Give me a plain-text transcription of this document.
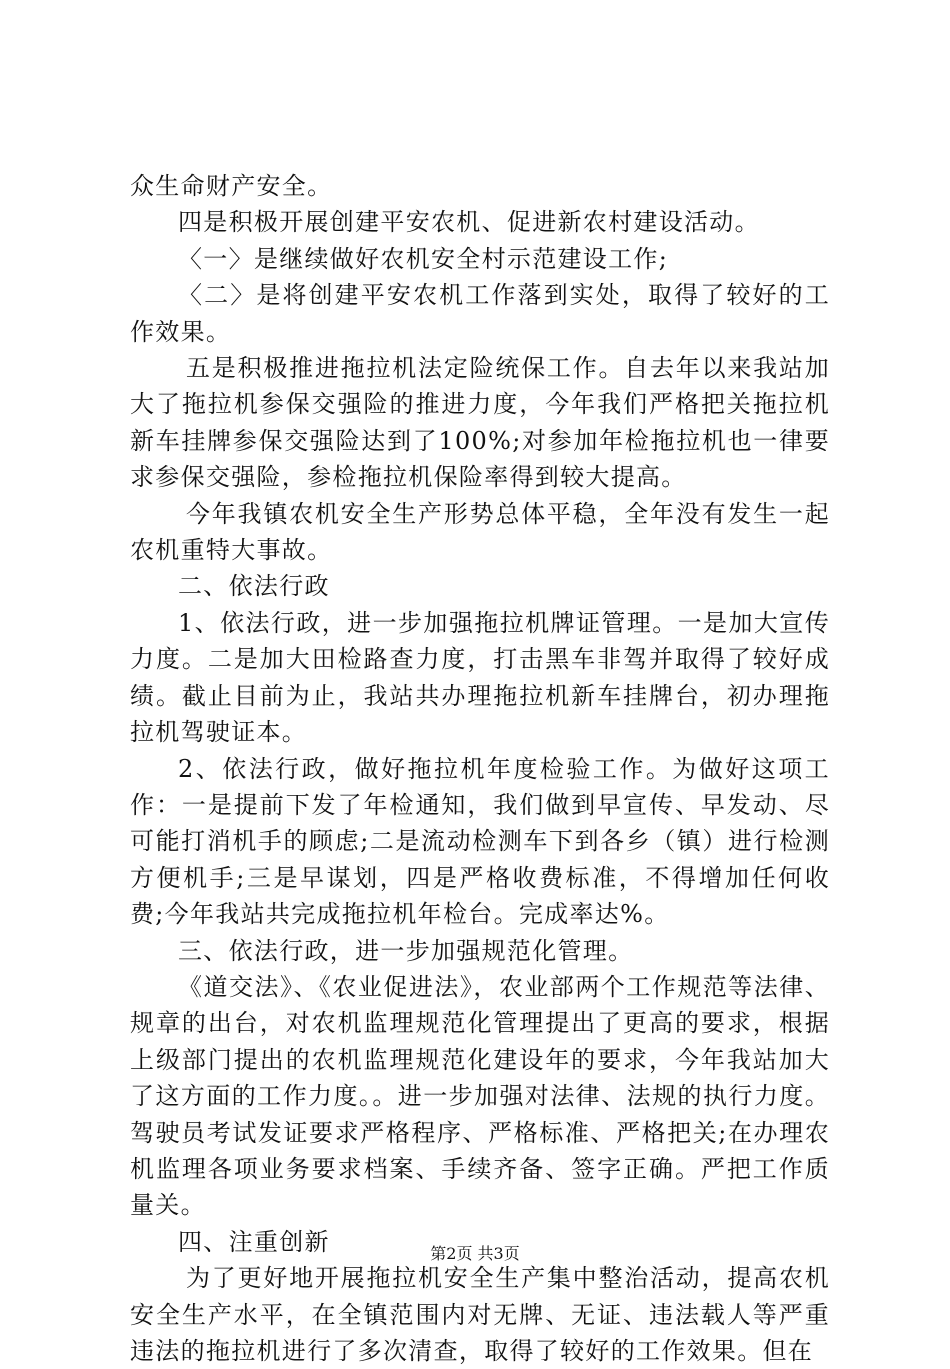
众生命财产安全。

四是积极开展创建平安农机、促进新农村建设活动。

〈一〉是继续做好农机安全村示范建设工作;

〈二〉是将创建平安农机工作落到实处，取得了较好的工作效果。

五是积极推进拖拉机法定险统保工作。自去年以来我站加大了拖拉机参保交强险的推进力度，今年我们严格把关拖拉机新车挂牌参保交强险达到了100%;对参加年检拖拉机也一律要求参保交强险，参检拖拉机保险率得到较大提高。

今年我镇农机安全生产形势总体平稳，全年没有发生一起农机重特大事故。

二、依法行政

1、依法行政，进一步加强拖拉机牌证管理。一是加大宣传力度。二是加大田检路查力度，打击黑车非驾并取得了较好成绩。截止目前为止，我站共办理拖拉机新车挂牌台，初办理拖拉机驾驶证本。

2、依法行政，做好拖拉机年度检验工作。为做好这项工作：一是提前下发了年检通知，我们做到早宣传、早发动、尽可能打消机手的顾虑;二是流动检测车下到各乡（镇）进行检测方便机手;三是早谋划，四是严格收费标准，不得增加任何收费;今年我站共完成拖拉机年检台。完成率达%。

三、依法行政，进一步加强规范化管理。

《道交法》、《农业促进法》，农业部两个工作规范等法律、规章的出台，对农机监理规范化管理提出了更高的要求，根据上级部门提出的农机监理规范化建设年的要求，今年我站加大了这方面的工作力度。。进一步加强对法律、法规的执行力度。驾驶员考试发证要求严格程序、严格标准、严格把关;在办理农机监理各项业务要求档案、手续齐备、签字正确。严把工作质量关。

四、注重创新

为了更好地开展拖拉机安全生产集中整治活动，提高农机安全生产水平，在全镇范围内对无牌、无证、违法载人等严重违法的拖拉机进行了多次清查，取得了较好的工作效果。但在

第2页 共3页
